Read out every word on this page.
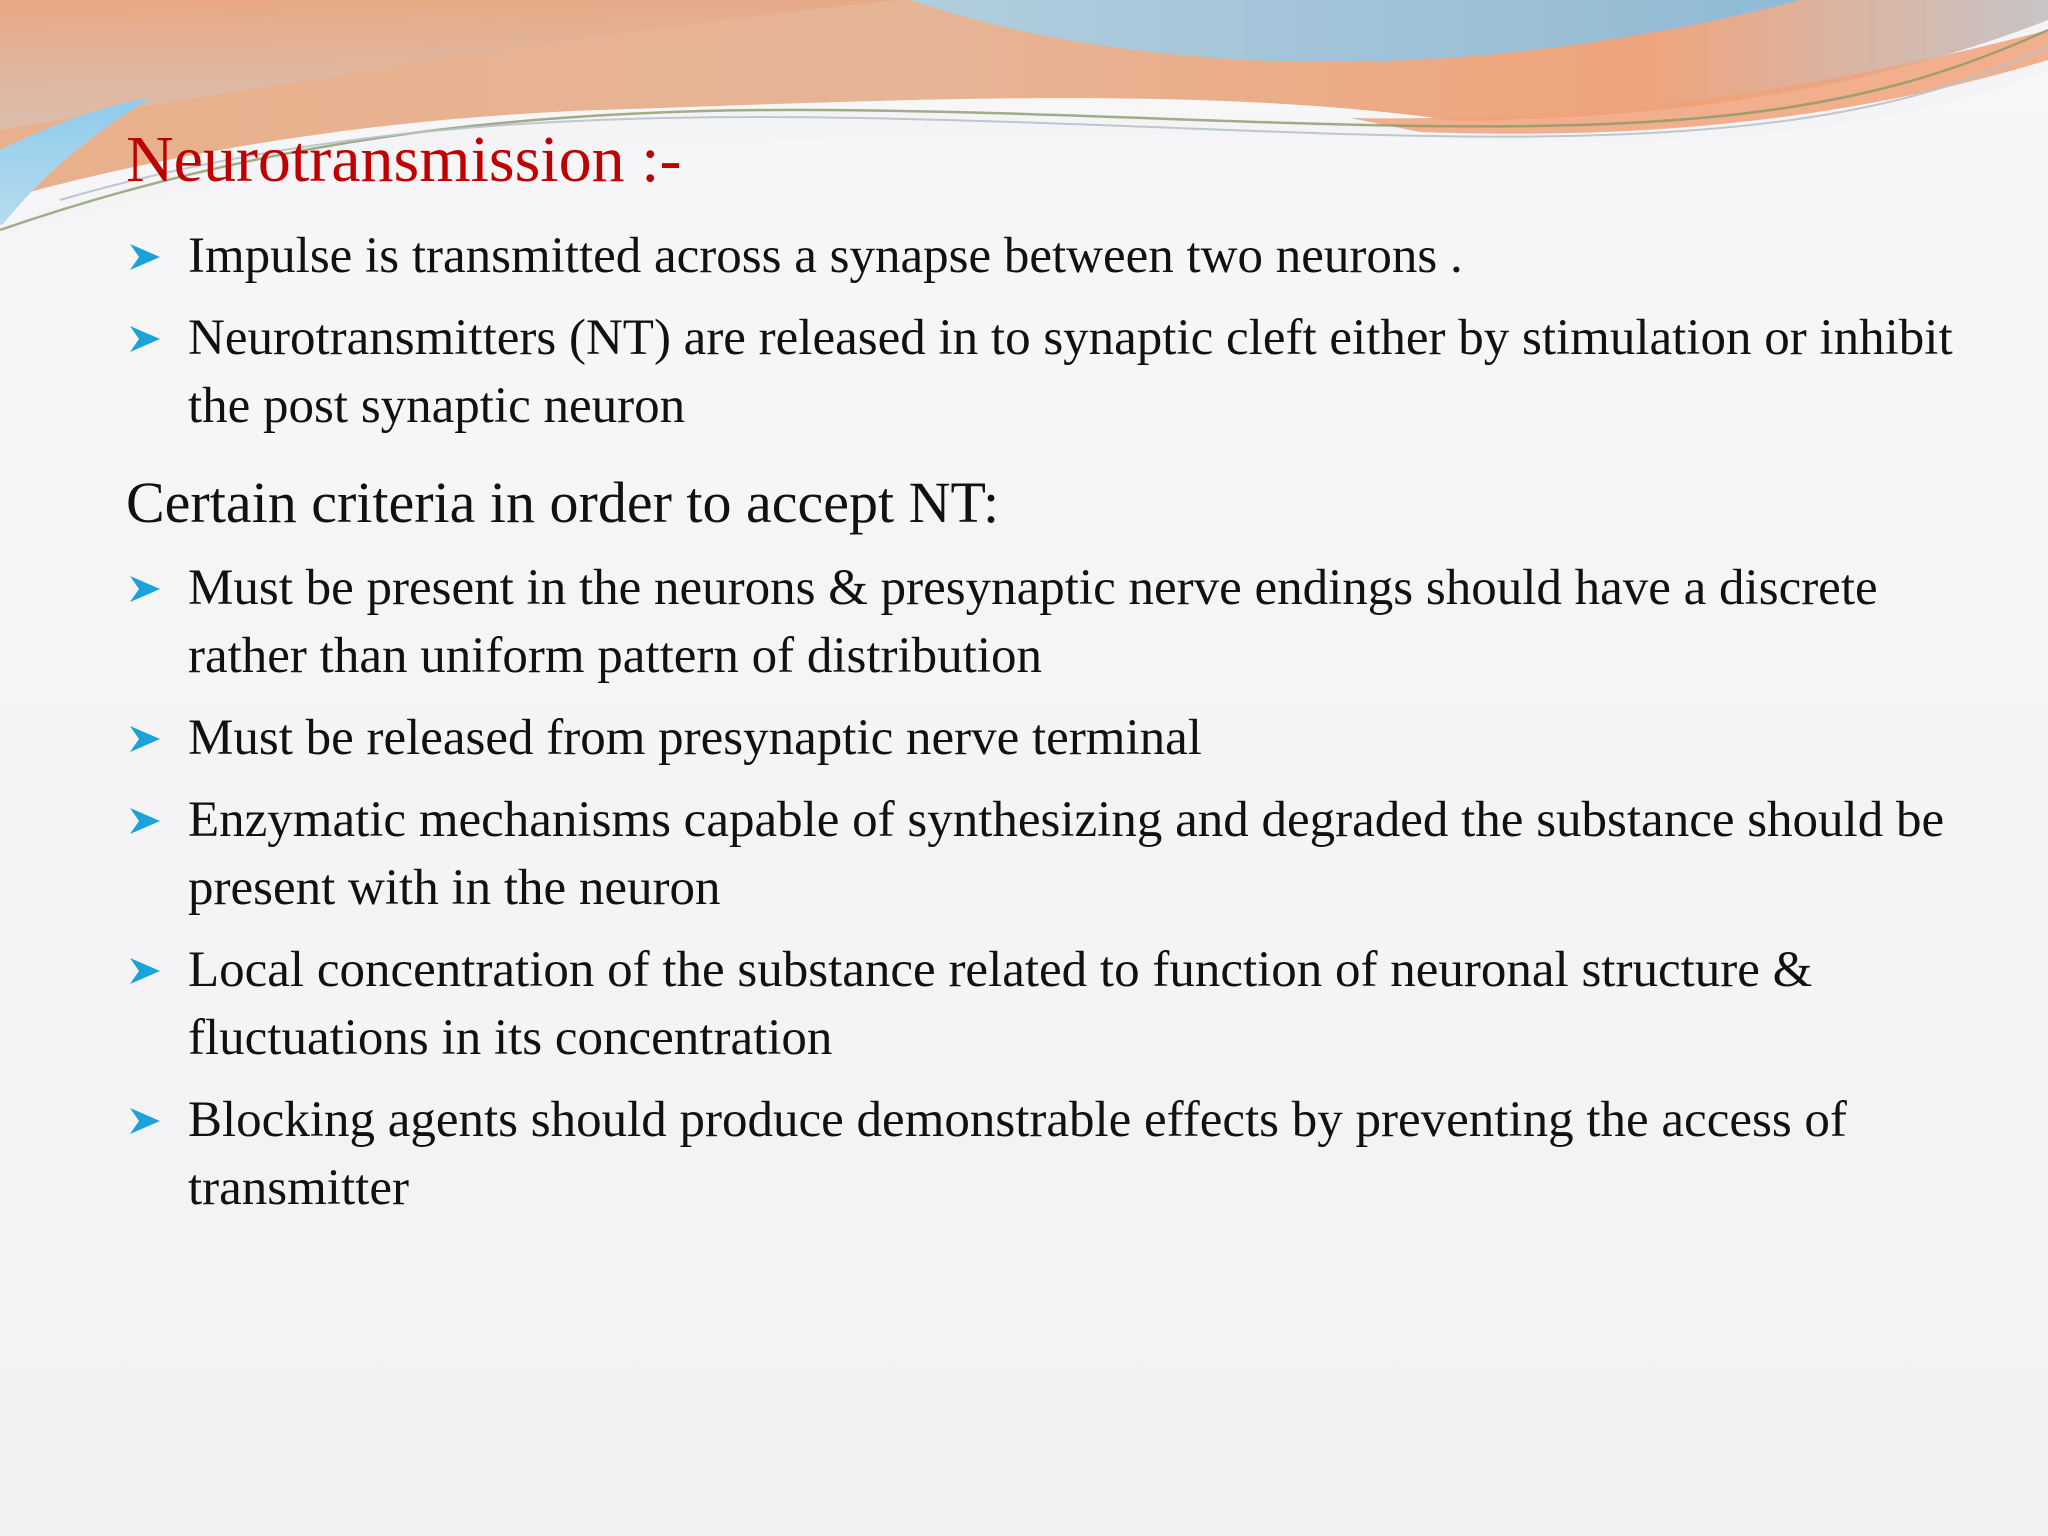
Neurotransmission :-
Impulse is transmitted across a synapse between two neurons .
Neurotransmitters (NT) are released in to synaptic cleft either by stimulation or inhibit the post synaptic neuron
Certain criteria in order to accept NT:
Must be present in the neurons & presynaptic nerve endings should have a discrete rather than uniform pattern of distribution
Must be released from presynaptic nerve terminal
Enzymatic mechanisms capable of synthesizing and degraded the substance should be present with in the neuron
Local concentration of the substance related to function of neuronal structure & fluctuations in its concentration
Blocking agents should produce demonstrable effects by preventing the access of transmitter
